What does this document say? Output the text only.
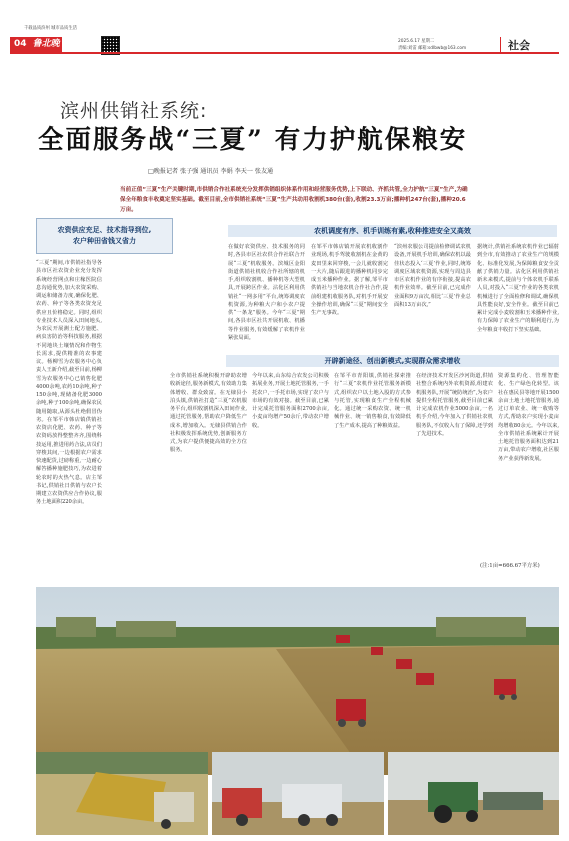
千载晶质滨州 城市品质生活
04 鲁北晚报
2025.6.17 星期二
责编:刘雷 邮箱:sdlbwb@163.com	社会
滨州供销社系统:
全面服务战“三夏” 有力护航保粮安
□晚报记者 张子强 通讯员 李娟 李天一 张友通
当前正值“三夏”生产关键时期,市供销合作社系统充分发挥供销组织体系作用和经营服务优势,上下联动、齐抓共管,全力护航“三夏”生产,为确保全年粮食丰收奠定坚实基础。截至目前,全市供销社系统“三夏”生产共动用收割机380台(套),收割23.3万亩;播种机247台(套),播种20.6万亩。
农资供应充足、技术指导到位,
农户种田省钱又省力
农机调度有序、机手训练有素,收种推进安全又高效
“三夏”期间,市供销社指导各县市区社农资企业充分发挥系统经营网点和庄稼医院信息沟通优势,加大农资采购、调运和储备力度,确保化肥、农药、种子等各类农资充足供应且价格稳定。同时,组织专业技术人员深入田间地头,为农民开展测土配方施肥、病虫害防治等科技服务,根据不同地块土壤情况和作物生长需求,提供精准的农事建议。杨柳雪为农服务中心负责人王新介绍,截至目前,杨柳雪为农服务中心已销售化肥4000余吨,农药10余吨,种子150余吨,现储备化肥3000余吨,种子100余吨,确保农民随用随取,从源头杜绝假冒伪劣。在邹平市韩店镇供销社农资店化肥、农药、种子等农资码放得整整齐齐,围绕科技运用,推进用药合法,店员们穿梭其间,一边根据农户需求快速配货,过磅称重,一边耐心解答播种施肥技巧,为农进着轮农时的火热气息。店主邹书记,供销社日供销与农户长期建立农资供应合作协议,服务土地面积220余亩。
在做好农资供应、技术服务的同时,各县市区社农供合作社联合开展“三夏”机收服务。滨城区金阳街道供销社机收合作社所辖的机手,组织收割机、播种机等大型机具,开展跨区作业。沾化区利用供销社“一网多用”平台,统筹调度农机资源,为种粮大户和小农户提供“一条龙”服务。今年“三夏”期间,各县市区社共开展机收、机播等作业服务,有效缓解了农机作业紧张局面。
在邹平市韩店镇开展农机收割作业现场,机手驾驶收割机在金黄的麦田里来回穿梭,一会儿就收割完一大片,随后跟进的播种机同步完成玉米播种作业。据了解,邹平市供销社与当地农机合作社合作,提前组建机收服务队,对机手开展安全操作培训,确保“三夏”期间安全生产无事故。
“滨州农服公司提前检修调试农机设备,开展机手培训,确保农机以最佳状态投入‘三夏’作业,同时,统筹调度区域农机资源,实现与周边县市区农机作业的有序衔接,提高农机作业效率。截至目前,已完成作业面积9万亩次,相比‘三夏’作业总面积13万亩次,”
据统计,供销社系统农机作业已辐射到全市,有效推动了农业生产的规模化、标准化发展,为保障粮食安全贡献了供销力量。沾化区利用供销社新未来模式,提前与个体农机手联系人员,对投入“三夏”作业的各类农机机械进行了全面检修和调试,确保机具性能良好,安全作业。截至目前已累计完成小麦收割和玉米播种作业,有力保障了农业生产的顺利进行,为全年粮食丰收打下坚实基础。
开辟新途径、创出新模式,实现群众需求增收
全市供销社系统积极开辟助农增收新途径,服务新模式,有效助力集体增收、群众致富。在无棣县小泊头镇,供销社打造“三夏”农机服务平台,组织收割机深入田间作业,通过托管服务,帮助农户降低生产成本,增加收入。无棣县供销合作社积极发挥系统优势,创新服务方式,为农户提供便捷高效的全方位服务。
今年以来,山东综合农发公司积极拓展业务,开展土地托管服务,一手托农户,一手托市场,实现了农户与市场的有效对接。截至目前,已累计完成托管服务面积2700余亩,小麦亩均增产50余斤,带动农户增收。
在邹平市青阳镇,供销社探索推行“三夏”农机作业托管服务新模式,组织农户以土地入股的方式参与托管,实现粮食生产全程机械化。通过统一采购农资、统一机械作业、统一销售粮食,有效降低了生产成本,提高了种粮效益。
在经济技术开发区沙河街道,供销社整合系统内外农机资源,组建农机服务队,开展“统防统治”,为农户提供全程托管服务,截至目前已累计完成农机作业5000余亩,一名机手介绍,今年加入了供销社农机服务队,不仅收入有了保障,还学到了先进技术。
资源集约化、管理智能化、生产绿色化转型。该社在惠民县等地开展1500余亩土地土地托管服务,通过订单农业、统一收购等方式,帮助农户实现小麦亩均增收80余元。今年以来,全市供销社系统累计开展土地托管服务面积达到21万亩,带动农户增收,社区服务产业获得新发展。
(注:1亩=666.67平方米)
